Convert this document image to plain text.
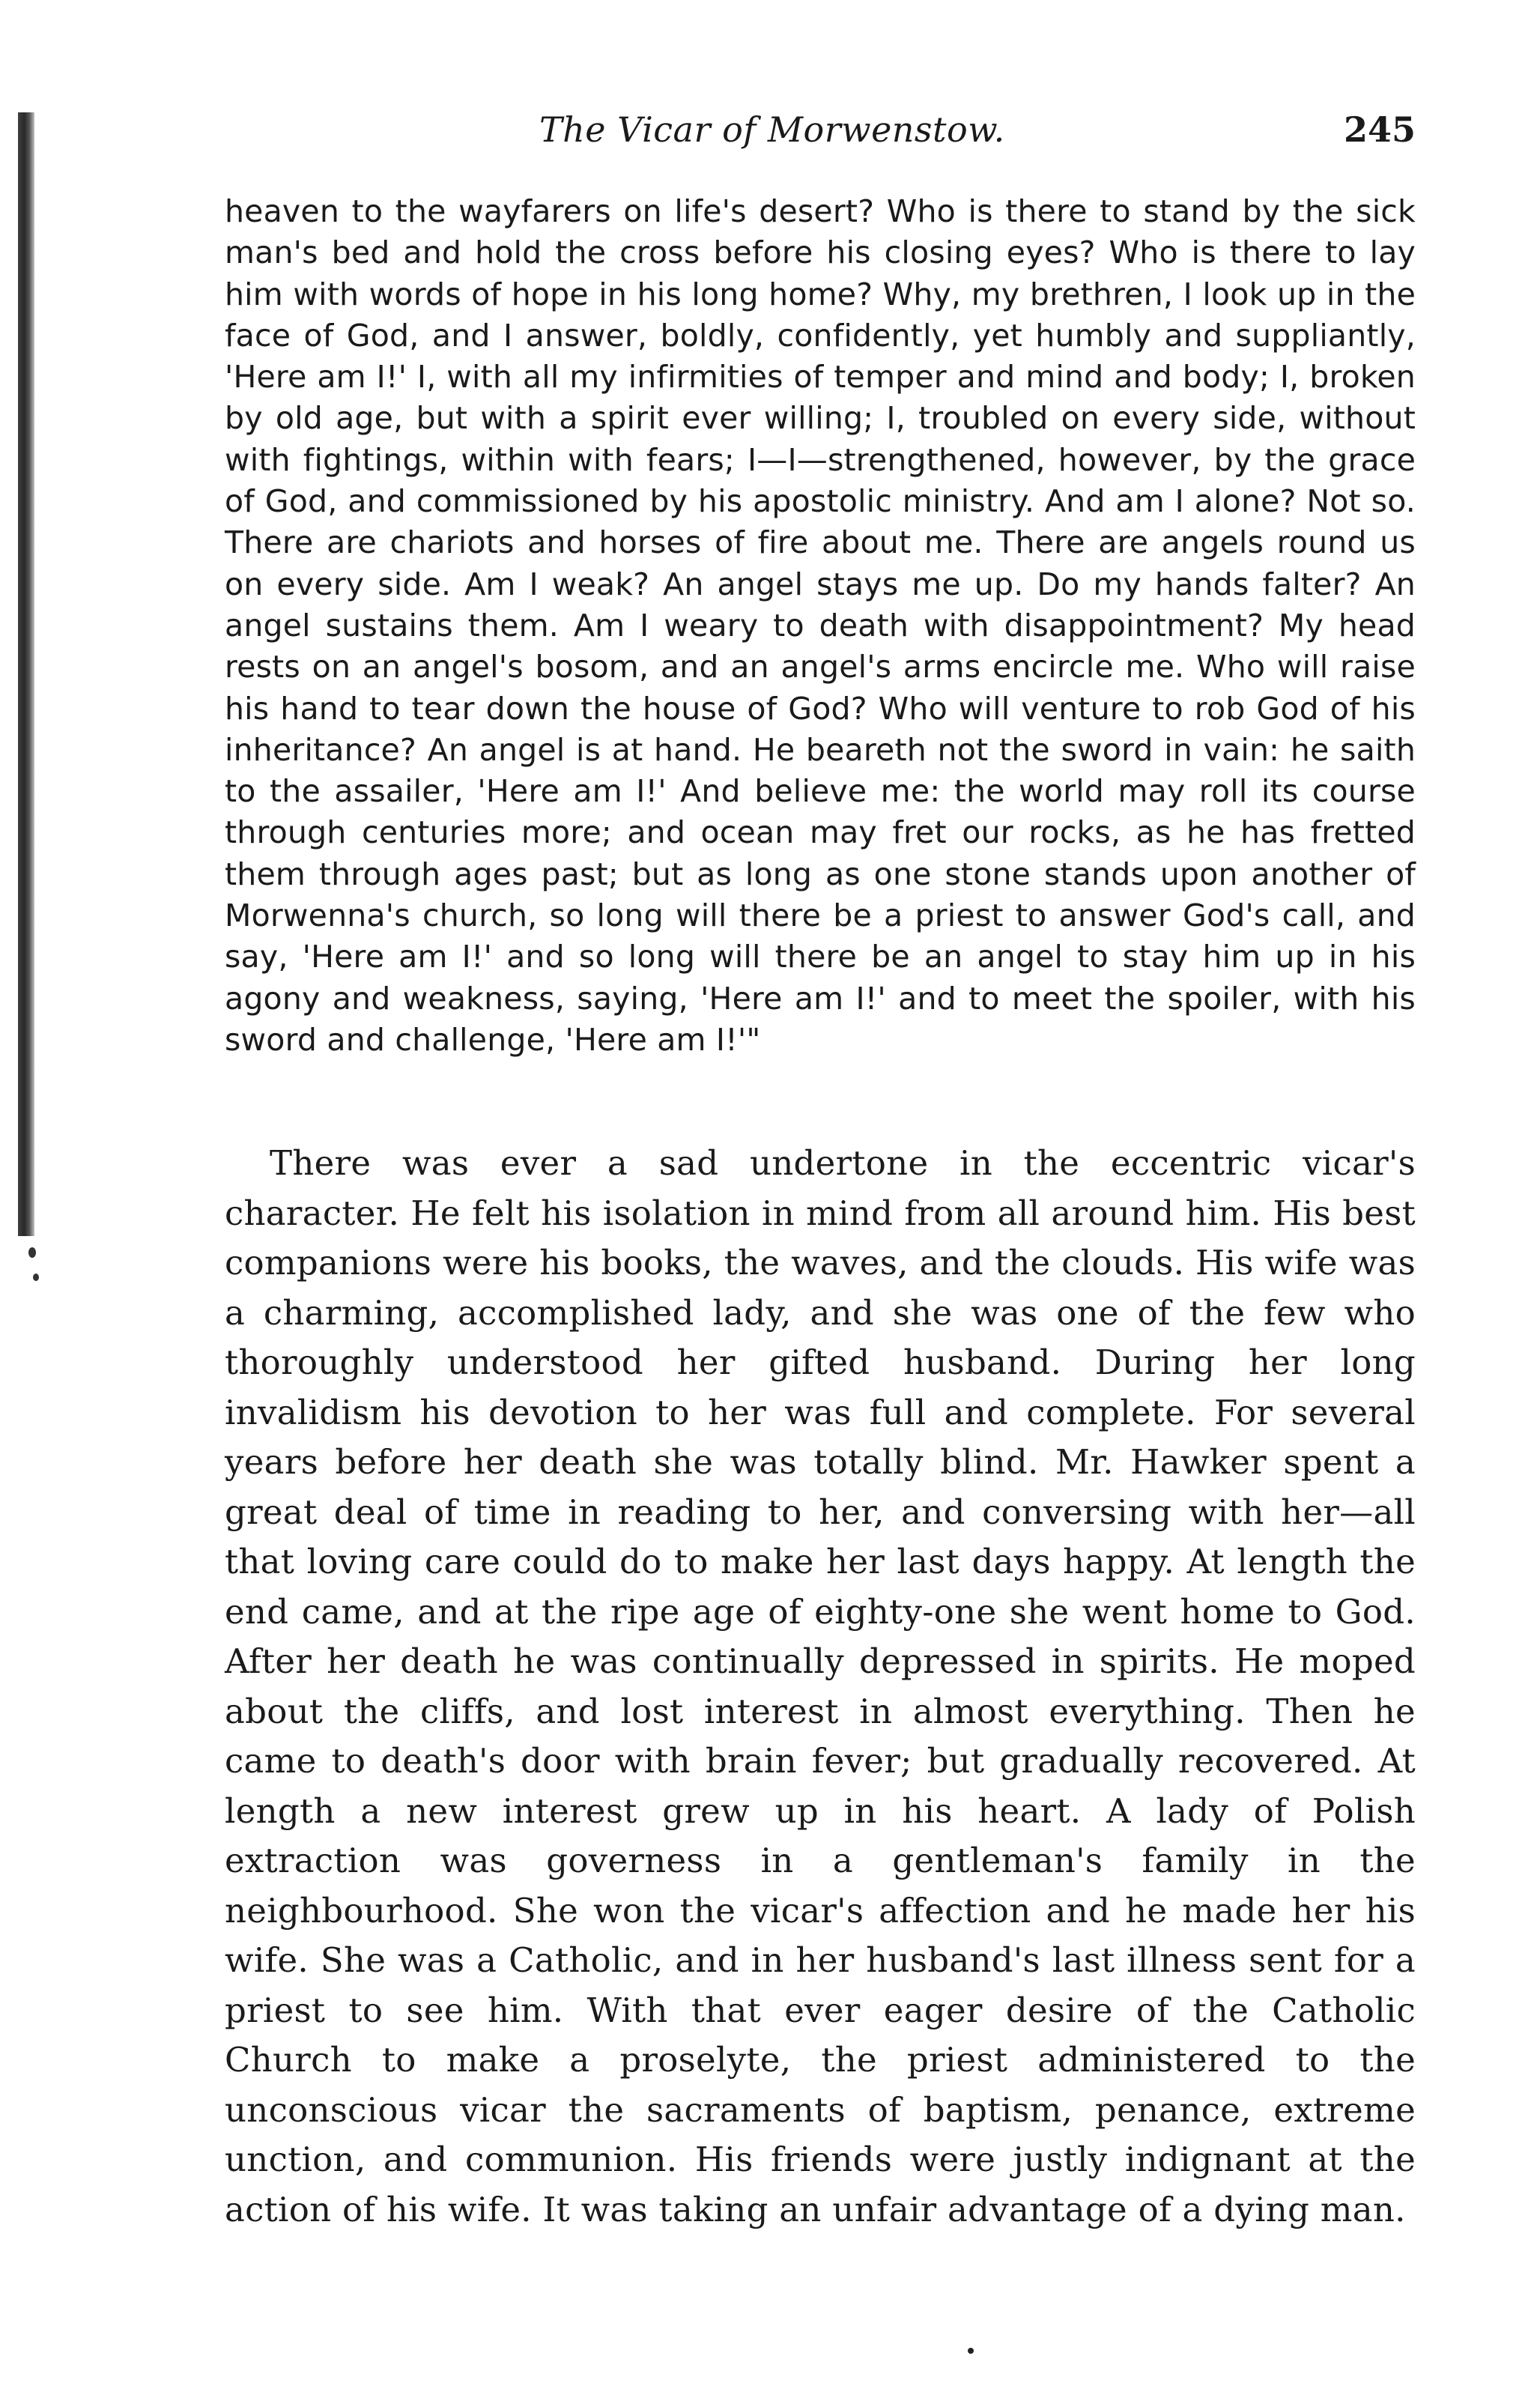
The Vicar of Morwenstow.	245

heaven to the wayfarers on life's desert? Who is there to stand by the sick man's bed and hold the cross before his closing eyes? Who is there to lay him with words of hope in his long home? Why, my brethren, I look up in the face of God, and I answer, boldly, confidently, yet humbly and suppliantly, 'Here am I!' I, with all my infirmities of temper and mind and body; I, broken by old age, but with a spirit ever willing; I, troubled on every side, without with fightings, within with fears; I—I—strengthened, however, by the grace of God, and commissioned by his apostolic ministry. And am I alone? Not so. There are chariots and horses of fire about me. There are angels round us on every side. Am I weak? An angel stays me up. Do my hands falter? An angel sustains them. Am I weary to death with disappointment? My head rests on an angel's bosom, and an angel's arms encircle me. Who will raise his hand to tear down the house of God? Who will venture to rob God of his inheritance? An angel is at hand. He beareth not the sword in vain: he saith to the assailer, 'Here am I!' And believe me: the world may roll its course through centuries more; and ocean may fret our rocks, as he has fretted them through ages past; but as long as one stone stands upon another of Morwenna's church, so long will there be a priest to answer God's call, and say, 'Here am I!' and so long will there be an angel to stay him up in his agony and weakness, saying, 'Here am I!' and to meet the spoiler, with his sword and challenge, 'Here am I!'"

There was ever a sad undertone in the eccentric vicar's character. He felt his isolation in mind from all around him. His best companions were his books, the waves, and the clouds. His wife was a charming, accomplished lady, and she was one of the few who thoroughly understood her gifted husband. During her long invalidism his devotion to her was full and complete. For several years before her death she was totally blind. Mr. Hawker spent a great deal of time in reading to her, and conversing with her—all that loving care could do to make her last days happy. At length the end came, and at the ripe age of eighty-one she went home to God. After her death he was continually depressed in spirits. He moped about the cliffs, and lost interest in almost everything. Then he came to death's door with brain fever; but gradually recovered. At length a new interest grew up in his heart. A lady of Polish extraction was governess in a gentleman's family in the neighbourhood. She won the vicar's affection and he made her his wife. She was a Catholic, and in her husband's last illness sent for a priest to see him. With that ever eager desire of the Catholic Church to make a proselyte, the priest administered to the unconscious vicar the sacraments of baptism, penance, extreme unction, and communion. His friends were justly indignant at the action of his wife. It was taking an unfair advantage of a dying man.
